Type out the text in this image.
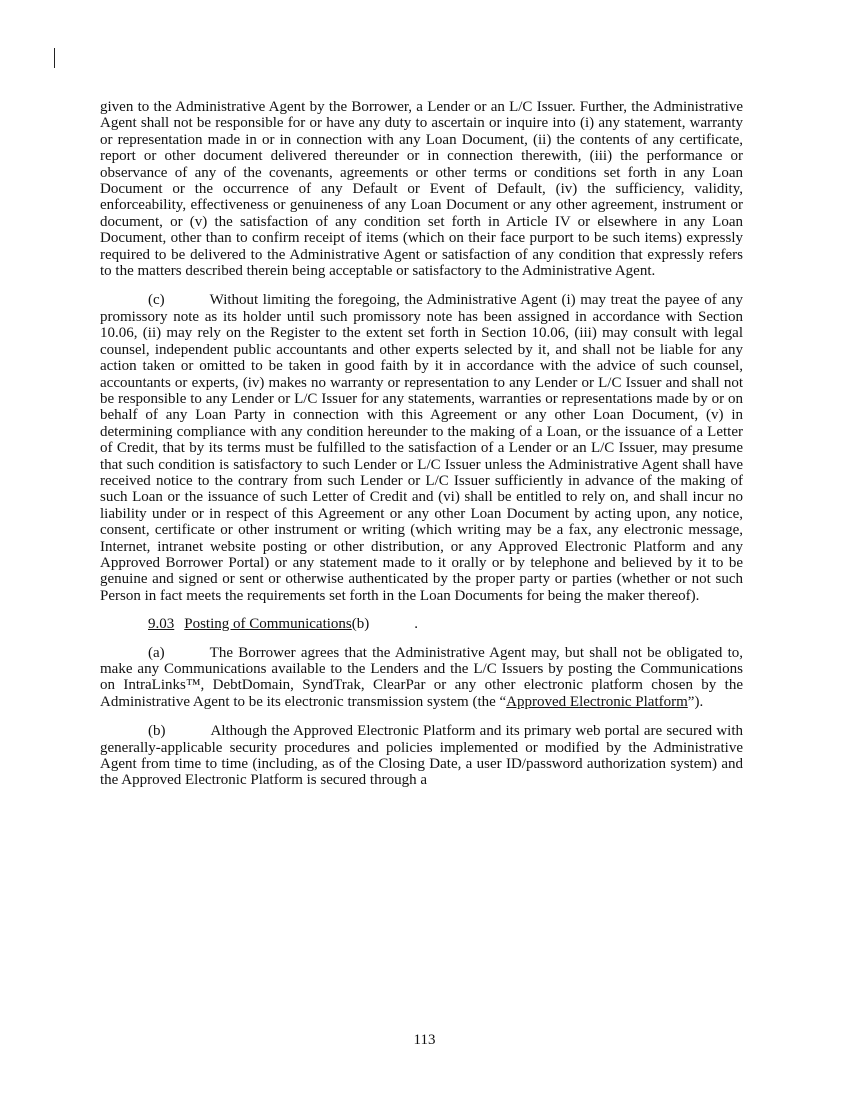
given to the Administrative Agent by the Borrower, a Lender or an L/C Issuer. Further, the Administrative Agent shall not be responsible for or have any duty to ascertain or inquire into (i) any statement, warranty or representation made in or in connection with any Loan Document, (ii) the contents of any certificate, report or other document delivered thereunder or in connection therewith, (iii) the performance or observance of any of the covenants, agreements or other terms or conditions set forth in any Loan Document or the occurrence of any Default or Event of Default, (iv) the sufficiency, validity, enforceability, effectiveness or genuineness of any Loan Document or any other agreement, instrument or document, or (v) the satisfaction of any condition set forth in Article IV or elsewhere in any Loan Document, other than to confirm receipt of items (which on their face purport to be such items) expressly required to be delivered to the Administrative Agent or satisfaction of any condition that expressly refers to the matters described therein being acceptable or satisfactory to the Administrative Agent.

(c)	Without limiting the foregoing, the Administrative Agent (i) may treat the payee of any promissory note as its holder until such promissory note has been assigned in accordance with Section 10.06, (ii) may rely on the Register to the extent set forth in Section 10.06, (iii) may consult with legal counsel, independent public accountants and other experts selected by it, and shall not be liable for any action taken or omitted to be taken in good faith by it in accordance with the advice of such counsel, accountants or experts, (iv) makes no warranty or representation to any Lender or L/C Issuer and shall not be responsible to any Lender or L/C Issuer for any statements, warranties or representations made by or on behalf of any Loan Party in connection with this Agreement or any other Loan Document, (v) in determining compliance with any condition hereunder to the making of a Loan, or the issuance of a Letter of Credit, that by its terms must be fulfilled to the satisfaction of a Lender or an L/C Issuer, may presume that such condition is satisfactory to such Lender or L/C Issuer unless the Administrative Agent shall have received notice to the contrary from such Lender or L/C Issuer sufficiently in advance of the making of such Loan or the issuance of such Letter of Credit and (vi) shall be entitled to rely on, and shall incur no liability under or in respect of this Agreement or any other Loan Document by acting upon, any notice, consent, certificate or other instrument or writing (which writing may be a fax, any electronic message, Internet, intranet website posting or other distribution, or any Approved Electronic Platform and any Approved Borrower Portal) or any statement made to it orally or by telephone and believed by it to be genuine and signed or sent or otherwise authenticated by the proper party or parties (whether or not such Person in fact meets the requirements set forth in the Loan Documents for being the maker thereof).

9.03 Posting of Communications(b)	.

(a)	The Borrower agrees that the Administrative Agent may, but shall not be obligated to, make any Communications available to the Lenders and the L/C Issuers by posting the Communications on IntraLinks™, DebtDomain, SyndTrak, ClearPar or any other electronic platform chosen by the Administrative Agent to be its electronic transmission system (the “Approved Electronic Platform”).

(b)	Although the Approved Electronic Platform and its primary web portal are secured with generally-applicable security procedures and policies implemented or modified by the Administrative Agent from time to time (including, as of the Closing Date, a user ID/password authorization system) and the Approved Electronic Platform is secured through a

113
